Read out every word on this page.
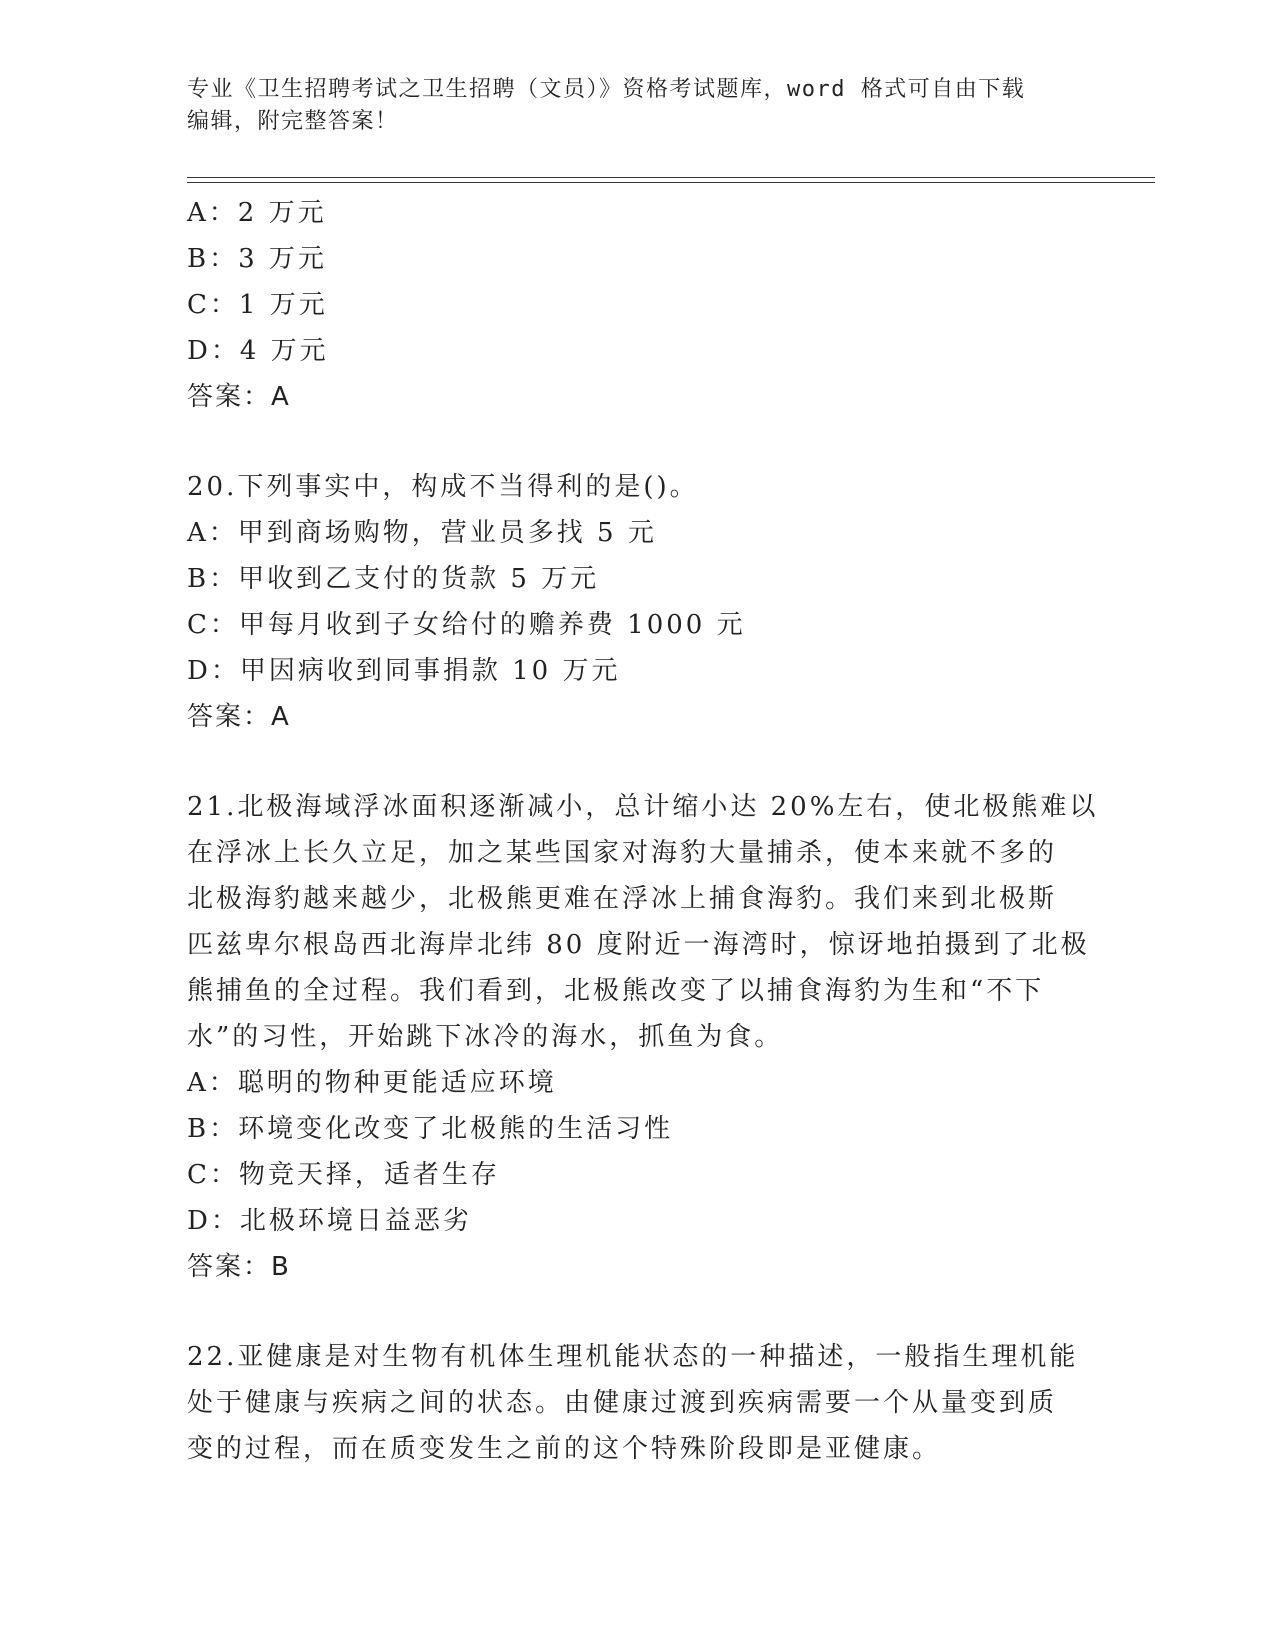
专业《卫生招聘考试之卫生招聘（文员）》资格考试题库，word 格式可自由下载
编辑，附完整答案！
A：2 万元
B：3 万元
C：1 万元
D：4 万元
答案：A
20.下列事实中，构成不当得利的是()。
A：甲到商场购物，营业员多找 5 元
B：甲收到乙支付的货款 5 万元
C：甲每月收到子女给付的赡养费 1000 元
D：甲因病收到同事捐款 10 万元
答案：A
21.北极海域浮冰面积逐渐减小，总计缩小达 20%左右，使北极熊难以
在浮冰上长久立足，加之某些国家对海豹大量捕杀，使本来就不多的
北极海豹越来越少，北极熊更难在浮冰上捕食海豹。我们来到北极斯
匹兹卑尔根岛西北海岸北纬 80 度附近一海湾时，惊讶地拍摄到了北极
熊捕鱼的全过程。我们看到，北极熊改变了以捕食海豹为生和“不下
水”的习性，开始跳下冰冷的海水，抓鱼为食。
A：聪明的物种更能适应环境
B：环境变化改变了北极熊的生活习性
C：物竞天择，适者生存
D：北极环境日益恶劣
答案：B
22.亚健康是对生物有机体生理机能状态的一种描述，一般指生理机能
处于健康与疾病之间的状态。由健康过渡到疾病需要一个从量变到质
变的过程，而在质变发生之前的这个特殊阶段即是亚健康。
